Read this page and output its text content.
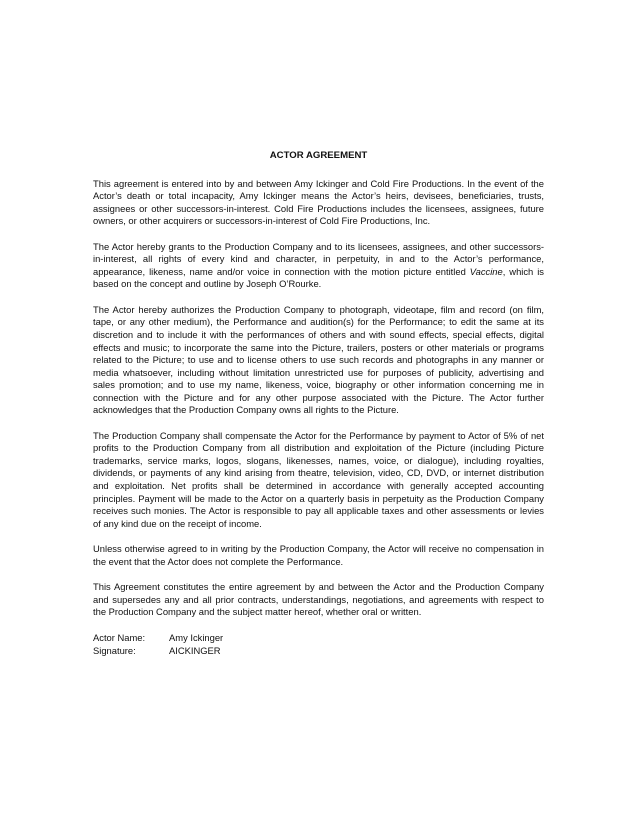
ACTOR AGREEMENT

This agreement is entered into by and between Amy Ickinger and Cold Fire Productions. In the event of the Actor’s death or total incapacity, Amy Ickinger means the Actor’s heirs, devisees, beneficiaries, trusts, assignees or other successors-in-interest. Cold Fire Productions includes the licensees, assignees, future owners, or other acquirers or successors-in-interest of Cold Fire Productions, Inc.

The Actor hereby grants to the Production Company and to its licensees, assignees, and other successors-in-interest, all rights of every kind and character, in perpetuity, in and to the Actor’s performance, appearance, likeness, name and/or voice in connection with the motion picture entitled Vaccine, which is based on the concept and outline by Joseph O’Rourke.

The Actor hereby authorizes the Production Company to photograph, videotape, film and record (on film, tape, or any other medium), the Performance and audition(s) for the Performance; to edit the same at its discretion and to include it with the performances of others and with sound effects, special effects, digital effects and music; to incorporate the same into the Picture, trailers, posters or other materials or programs related to the Picture; to use and to license others to use such records and photographs in any manner or media whatsoever, including without limitation unrestricted use for purposes of publicity, advertising and sales promotion; and to use my name, likeness, voice, biography or other information concerning me in connection with the Picture and for any other purpose associated with the Picture. The Actor further acknowledges that the Production Company owns all rights to the Picture.

The Production Company shall compensate the Actor for the Performance by payment to Actor of 5% of net profits to the Production Company from all distribution and exploitation of the Picture (including Picture trademarks, service marks, logos, slogans, likenesses, names, voice, or dialogue), including royalties, dividends, or payments of any kind arising from theatre, television, video, CD, DVD, or internet distribution and exploitation. Net profits shall be determined in accordance with generally accepted accounting principles. Payment will be made to the Actor on a quarterly basis in perpetuity as the Production Company receives such monies. The Actor is responsible to pay all applicable taxes and other assessments or levies of any kind due on the receipt of income.

Unless otherwise agreed to in writing by the Production Company, the Actor will receive no compensation in the event that the Actor does not complete the Performance.

This Agreement constitutes the entire agreement by and between the Actor and the Production Company and supersedes any and all prior contracts, understandings, negotiations, and agreements with respect to the Production Company and the subject matter hereof, whether oral or written.

Actor Name:	Amy Ickinger
Signature:	AICKINGER
